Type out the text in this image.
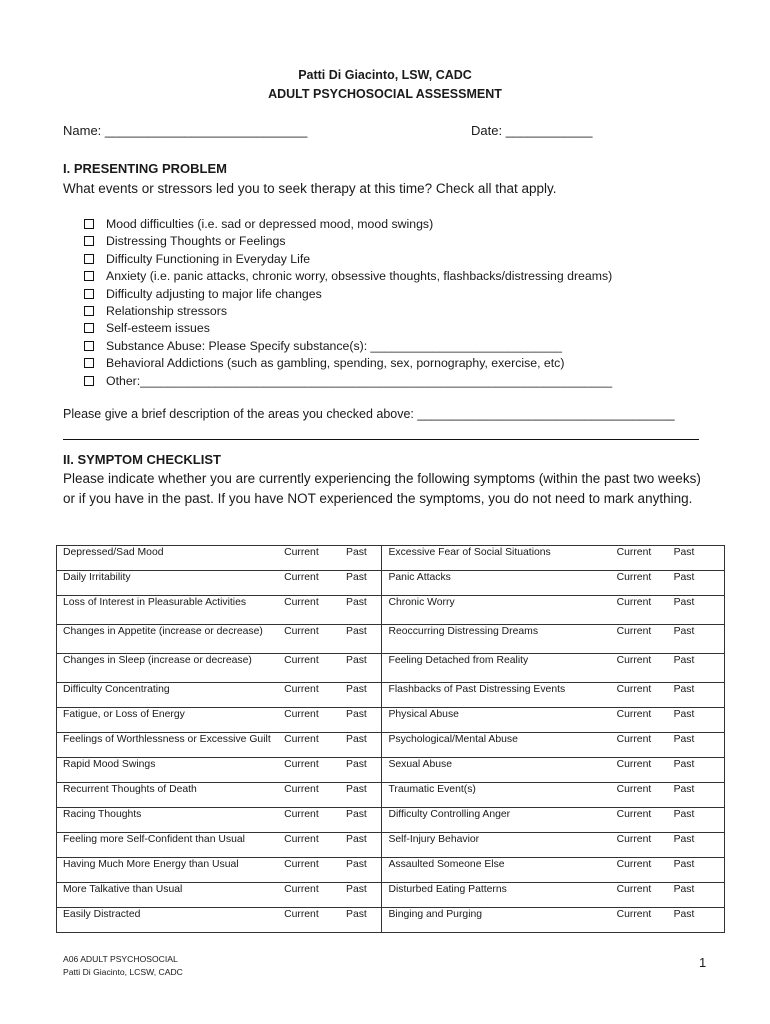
Patti Di Giacinto, LSW, CADC
ADULT PSYCHOSOCIAL ASSESSMENT
Name: ____________________________	Date: ____________
I. PRESENTING PROBLEM
What events or stressors led you to seek therapy at this time? Check all that apply.
Mood difficulties (i.e. sad or depressed mood, mood swings)
Distressing Thoughts or Feelings
Difficulty Functioning in Everyday Life
Anxiety (i.e. panic attacks, chronic worry, obsessive thoughts, flashbacks/distressing dreams)
Difficulty adjusting to major life changes
Relationship stressors
Self-esteem issues
Substance Abuse: Please Specify substance(s): ____________________________
Behavioral Addictions (such as gambling, spending, sex, pornography, exercise, etc)
Other:_____________________________________________________________________
Please give a brief description of the areas you checked above: _____________________________________
II. SYMPTOM CHECKLIST
Please indicate whether you are currently experiencing the following symptoms (within the past two weeks) or if you have in the past. If you have NOT experienced the symptoms, you do not need to mark anything.
Depressed/Sad Mood	Current	Past	Excessive Fear of Social Situations	Current	Past
Daily Irritability	Current	Past	Panic Attacks	Current	Past
Loss of Interest in Pleasurable Activities	Current	Past	Chronic Worry	Current	Past
Changes in Appetite (increase or decrease)	Current	Past	Reoccurring Distressing Dreams	Current	Past
Changes in Sleep (increase or decrease)	Current	Past	Feeling Detached from Reality	Current	Past
Difficulty Concentrating	Current	Past	Flashbacks of Past Distressing Events	Current	Past
Fatigue, or Loss of Energy	Current	Past	Physical Abuse	Current	Past
Feelings of Worthlessness or Excessive Guilt	Current	Past	Psychological/Mental Abuse	Current	Past
Rapid Mood Swings	Current	Past	Sexual Abuse	Current	Past
Recurrent Thoughts of Death	Current	Past	Traumatic Event(s)	Current	Past
Racing Thoughts	Current	Past	Difficulty Controlling Anger	Current	Past
Feeling more Self-Confident than Usual	Current	Past	Self-Injury Behavior	Current	Past
Having Much More Energy than Usual	Current	Past	Assaulted Someone Else	Current	Past
More Talkative than Usual	Current	Past	Disturbed Eating Patterns	Current	Past
Easily Distracted	Current	Past	Binging and Purging	Current	Past
A06 ADULT PSYCHOSOCIAL
Patti Di Giacinto, LCSW, CADC
1
